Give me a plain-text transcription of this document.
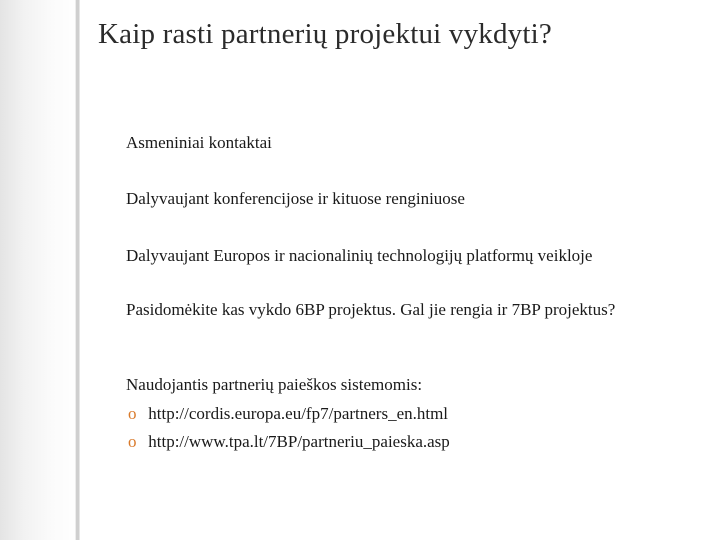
Kaip rasti partnerių projektui vykdyti?
Asmeniniai kontaktai
Dalyvaujant konferencijose ir kituose renginiuose
Dalyvaujant Europos ir nacionalinių technologijų platformų veikloje
Pasidomėkite kas vykdo 6BP projektus. Gal jie rengia ir 7BP projektus?
Naudojantis partnerių paieškos sistemomis:
o http://cordis.europa.eu/fp7/partners_en.html
o http://www.tpa.lt/7BP/partneriu_paieska.asp
